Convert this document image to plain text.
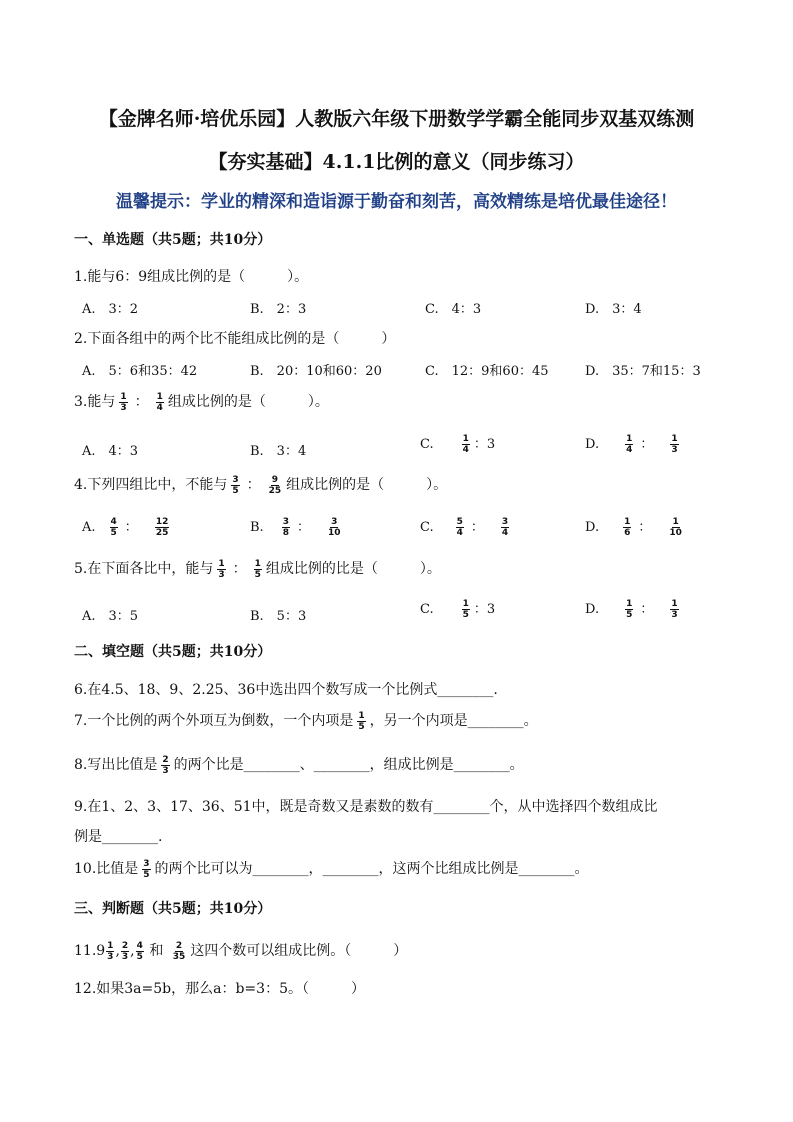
【金牌名师·培优乐园】人教版六年级下册数学学霸全能同步双基双练测
【夯实基础】4.1.1比例的意义（同步练习）
温馨提示：学业的精深和造诣源于勤奋和刻苦，高效精练是培优最佳途径！
一、单选题（共5题；共10分）
1.能与6：9组成比例的是（　　　）。
A.　3：2	B.　2：3	C.　4：3	D.　3：4
2.下面各组中的两个比不能组成比例的是（　　　）
A.　5：6和35：42	B.　20：10和60：20	C.　12：9和60：45	D.　35：7和15：3
3.能与 $\frac{1}{3}$ ： $\frac{1}{4}$ 组成比例的是（　　　）。
A.　4：3	B.　3：4	C.	$\frac{1}{4}$ ：3	D.	$\frac{1}{4}$ ： $\frac{1}{3}$
4.下列四组比中，不能与 $\frac{3}{5}$ ： $\frac{9}{25}$ 组成比例的是（　　　）。
A. $\frac{4}{5}$ ： $\frac{12}{25}$	B. $\frac{3}{8}$ ： $\frac{3}{10}$	C. $\frac{5}{4}$ ： $\frac{3}{4}$	D.	$\frac{1}{6}$ ： $\frac{1}{10}$
5.在下面各比中，能与 $\frac{1}{3}$ ： $\frac{1}{5}$ 组成比例的比是（　　　）。
A.　3：5	B.　5：3	C.	$\frac{1}{5}$ ：3	D.	$\frac{1}{5}$ ： $\frac{1}{3}$
二、填空题（共5题；共10分）
6.在4.5、18、9、2.25、36中选出四个数写成一个比例式________.
7.一个比例的两个外项互为倒数，一个内项是 $\frac{1}{5}$ ，另一个内项是________。
8.写出比值是 $\frac{2}{3}$ 的两个比是________、________，组成比例是________。
9.在1、2、3、17、36、51中，既是奇数又是素数的数有________个，从中选择四个数组成比
例是________.
10.比值是 $\frac{3}{5}$ 的两个比可以为________，________，这两个比组成比例是________。
三、判断题（共5题；共10分）
$11.9 \frac{1}{3}$ , $\frac{2}{3}$ , $\frac{4}{5}$ 和 $\frac{2}{35}$ 这四个数可以组成比例。（　　　）
12.如果3a=5b，那么a：b=3：5。（　　　）
